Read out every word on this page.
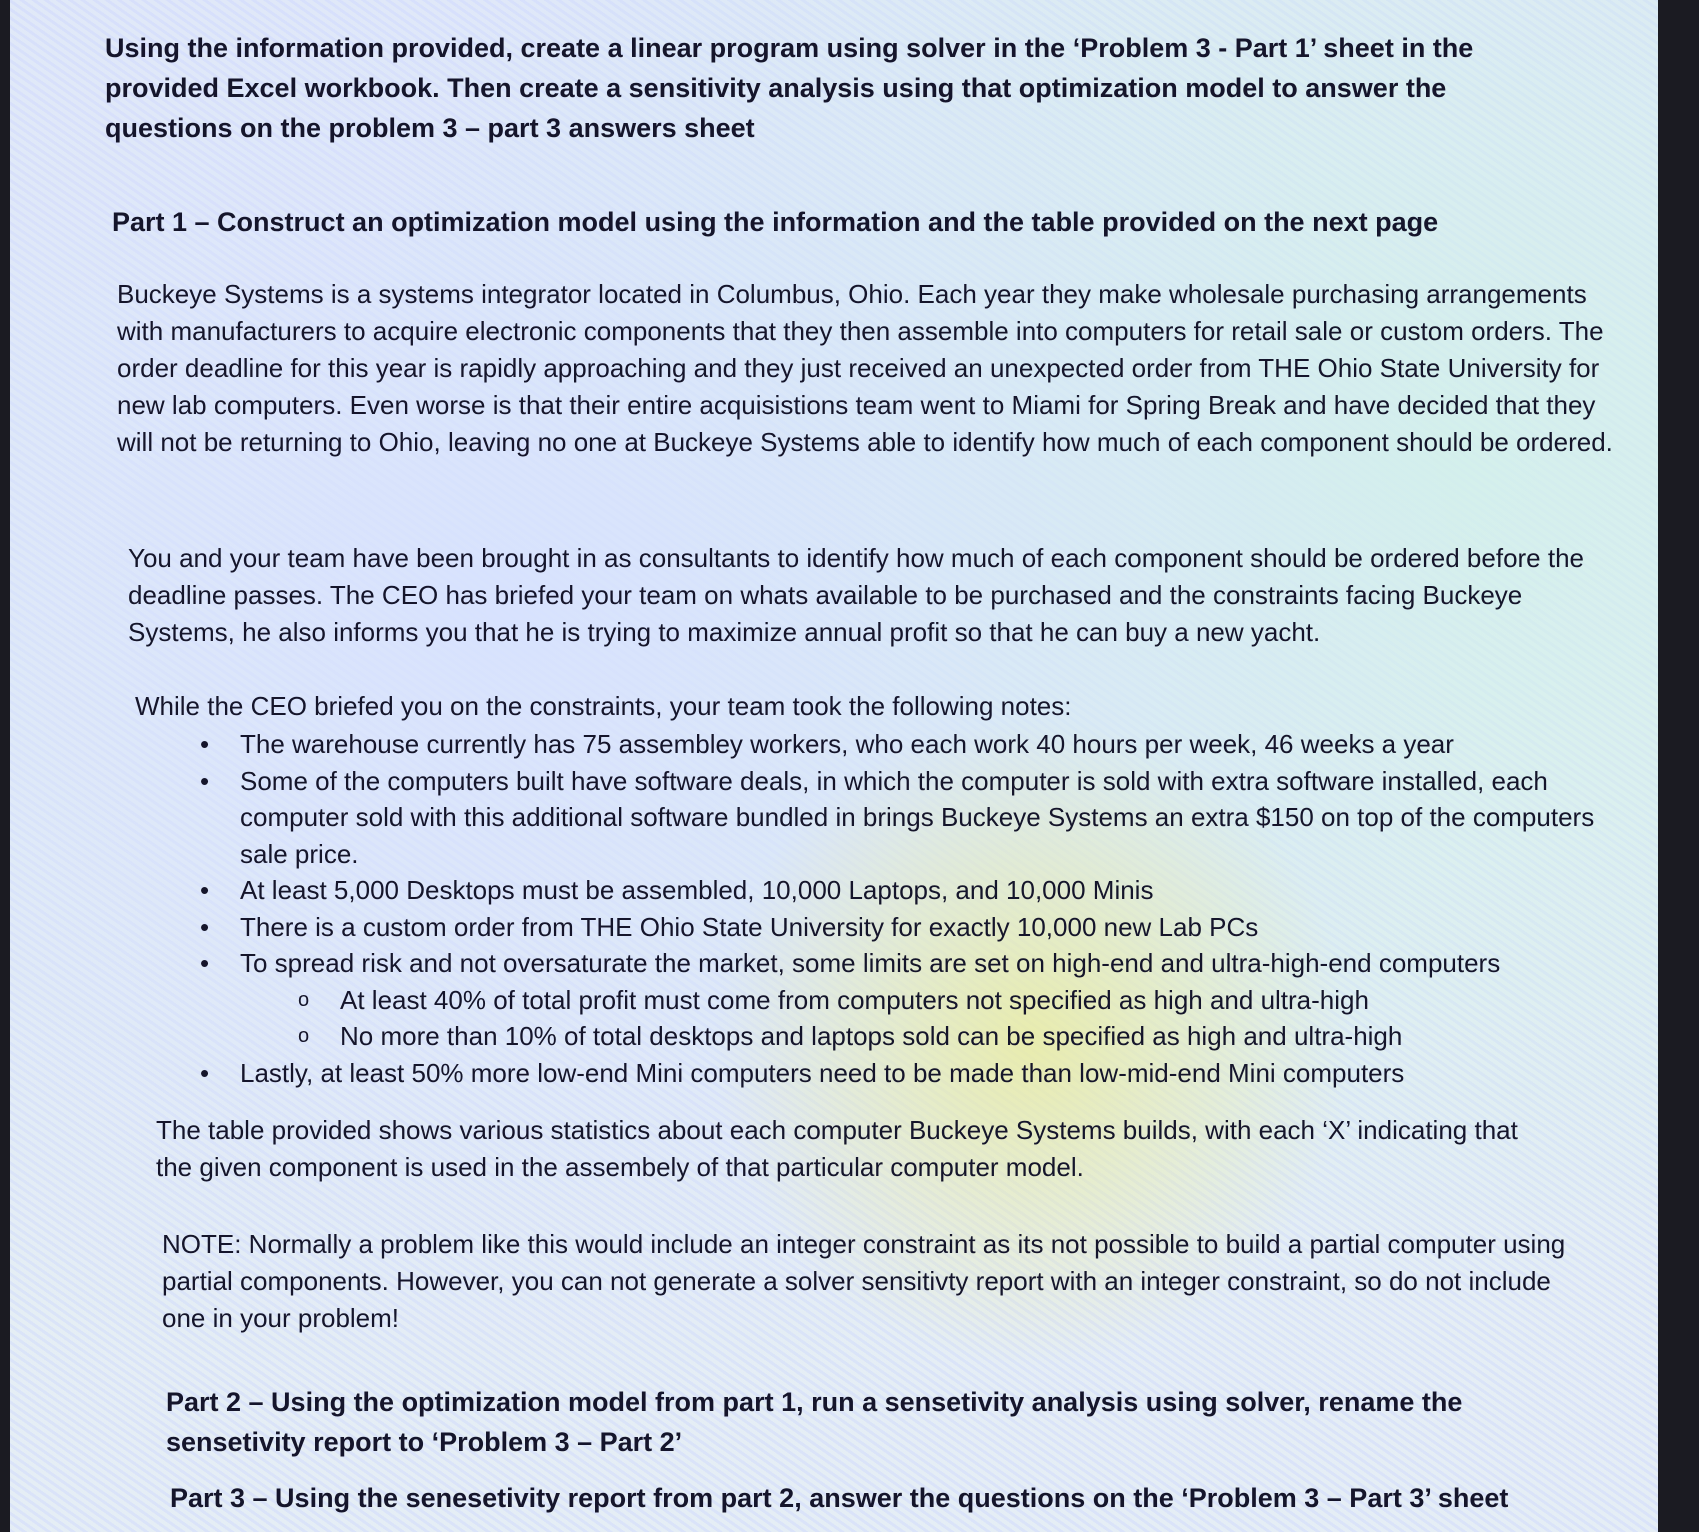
Using the information provided, create a linear program using solver in the ‘Problem 3 - Part 1’ sheet in the provided Excel workbook. Then create a sensitivity analysis using that optimization model to answer the questions on the problem 3 – part 3 answers sheet

Part 1 – Construct an optimization model using the information and the table provided on the next page

Buckeye Systems is a systems integrator located in Columbus, Ohio. Each year they make wholesale purchasing arrangements with manufacturers to acquire electronic components that they then assemble into computers for retail sale or custom orders. The order deadline for this year is rapidly approaching and they just received an unexpected order from THE Ohio State University for new lab computers. Even worse is that their entire acquisistions team went to Miami for Spring Break and have decided that they will not be returning to Ohio, leaving no one at Buckeye Systems able to identify how much of each component should be ordered.

You and your team have been brought in as consultants to identify how much of each component should be ordered before the deadline passes. The CEO has briefed your team on whats available to be purchased and the constraints facing Buckeye Systems, he also informs you that he is trying to maximize annual profit so that he can buy a new yacht.

While the CEO briefed you on the constraints, your team took the following notes:

• The warehouse currently has 75 assembley workers, who each work 40 hours per week, 46 weeks a year
• Some of the computers built have software deals, in which the computer is sold with extra software installed, each computer sold with this additional software bundled in brings Buckeye Systems an extra $150 on top of the computers sale price.
• At least 5,000 Desktops must be assembled, 10,000 Laptops, and 10,000 Minis
• There is a custom order from THE Ohio State University for exactly 10,000 new Lab PCs
• To spread risk and not oversaturate the market, some limits are set on high-end and ultra-high-end computers
o At least 40% of total profit must come from computers not specified as high and ultra-high
o No more than 10% of total desktops and laptops sold can be specified as high and ultra-high
• Lastly, at least 50% more low-end Mini computers need to be made than low-mid-end Mini computers

The table provided shows various statistics about each computer Buckeye Systems builds, with each ‘X’ indicating that the given component is used in the assembely of that particular computer model.

NOTE: Normally a problem like this would include an integer constraint as its not possible to build a partial computer using partial components. However, you can not generate a solver sensitivty report with an integer constraint, so do not include one in your problem!

Part 2 – Using the optimization model from part 1, run a sensetivity analysis using solver, rename the sensetivity report to ‘Problem 3 – Part 2’

Part 3 – Using the senesetivity report from part 2, answer the questions on the ‘Problem 3 – Part 3’ sheet
